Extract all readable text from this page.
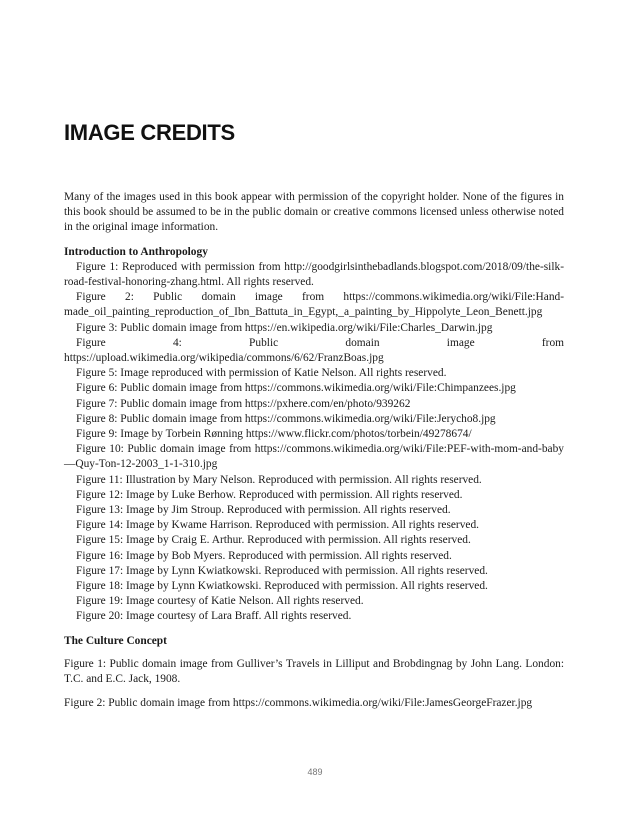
IMAGE CREDITS

Many of the images used in this book appear with permission of the copyright holder. None of the figures in this book should be assumed to be in the public domain or creative commons licensed unless otherwise noted in the original image information.

Introduction to Anthropology

Figure 1: Reproduced with permission from http://goodgirlsinthebadlands.blogspot.com/2018/09/the-silk-road-festival-honoring-zhang.html. All rights reserved.

Figure 2: Public domain image from https://commons.wikimedia.org/wiki/File:Hand-made_oil_painting_reproduction_of_Ibn_Battuta_in_Egypt,_a_painting_by_Hippolyte_Leon_Benett.jpg

Figure 3: Public domain image from https://en.wikipedia.org/wiki/File:Charles_Darwin.jpg

Figure 4: Public domain image from https://upload.wikimedia.org/wikipedia/commons/6/62/FranzBoas.jpg

Figure 5: Image reproduced with permission of Katie Nelson. All rights reserved.

Figure 6: Public domain image from https://commons.wikimedia.org/wiki/File:Chimpanzees.jpg

Figure 7: Public domain image from https://pxhere.com/en/photo/939262

Figure 8: Public domain image from https://commons.wikimedia.org/wiki/File:Jerycho8.jpg

Figure 9: Image by Torbein Rønning https://www.flickr.com/photos/torbein/49278674/

Figure 10: Public domain image from https://commons.wikimedia.org/wiki/File:PEF-with-mom-and-baby—Quy-Ton-12-2003_1-1-310.jpg

Figure 11: Illustration by Mary Nelson. Reproduced with permission. All rights reserved.

Figure 12: Image by Luke Berhow. Reproduced with permission. All rights reserved.

Figure 13: Image by Jim Stroup. Reproduced with permission. All rights reserved.

Figure 14: Image by Kwame Harrison. Reproduced with permission. All rights reserved.

Figure 15: Image by Craig E. Arthur. Reproduced with permission. All rights reserved.

Figure 16: Image by Bob Myers. Reproduced with permission. All rights reserved.

Figure 17: Image by Lynn Kwiatkowski. Reproduced with permission. All rights reserved.

Figure 18: Image by Lynn Kwiatkowski. Reproduced with permission. All rights reserved.

Figure 19: Image courtesy of Katie Nelson. All rights reserved.

Figure 20: Image courtesy of Lara Braff. All rights reserved.

The Culture Concept

Figure 1: Public domain image from Gulliver’s Travels in Lilliput and Brobdingnag by John Lang. London: T.C. and E.C. Jack, 1908.

Figure 2: Public domain image from https://commons.wikimedia.org/wiki/File:JamesGeorgeFrazer.jpg

489
